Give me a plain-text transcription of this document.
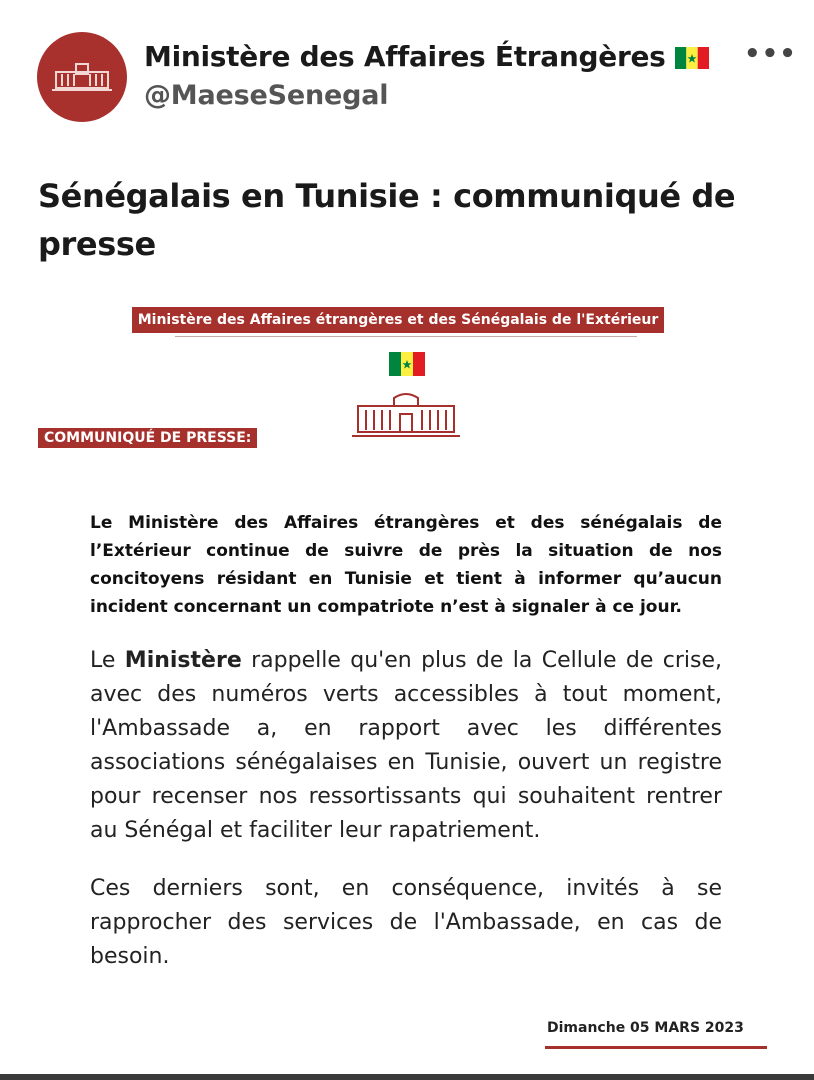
Ministère des Affaires Étrangères
@MaeseSenegal
•••
Sénégalais en Tunisie : communiqué de presse
Ministère des Affaires étrangères et des Sénégalais de l'Extérieur
COMMUNIQUÉ DE PRESSE:
Le Ministère des Affaires étrangères et des sénégalais de l’Extérieur continue de suivre de près la situation de nos concitoyens résidant en Tunisie et tient à informer qu’aucun incident concernant un compatriote n’est à signaler à ce jour.
Le Ministère rappelle qu'en plus de la Cellule de crise, avec des numéros verts accessibles à tout moment, l'Ambassade a, en rapport avec les différentes associations sénégalaises en Tunisie, ouvert un registre pour recenser nos ressortissants qui souhaitent rentrer au Sénégal et faciliter leur rapatriement.
Ces derniers sont, en conséquence, invités à se rapprocher des services de l'Ambassade, en cas de besoin.
Dimanche 05 MARS 2023
